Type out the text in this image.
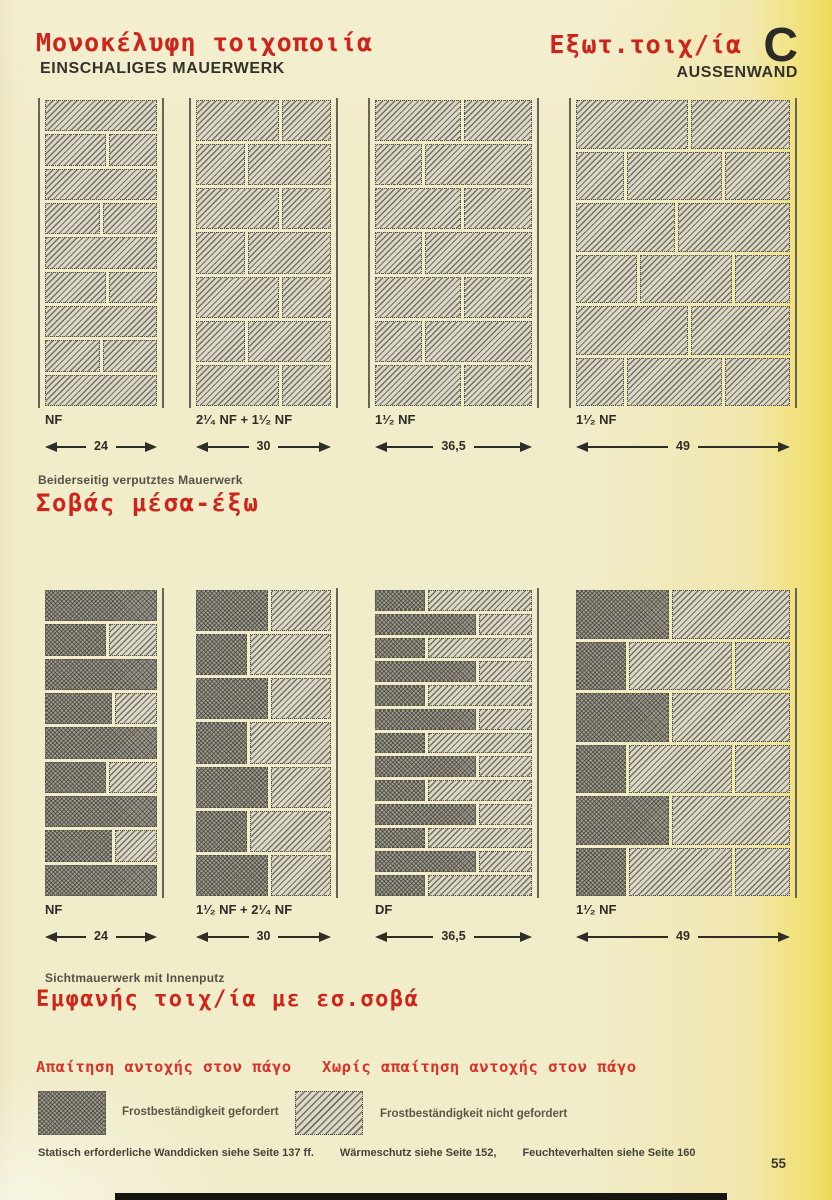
Μονοκέλυφη τοιχοποιία
EINSCHALIGES MAUERWERK
Εξωτ.τοιχ/ία C
AUSSENWAND
NF
24
2¹⁄₄ NF + 1¹⁄₂ NF
30
1¹⁄₂ NF
36,5
1¹⁄₂ NF
49
NF
24
1¹⁄₂ NF + 2¹⁄₄ NF
30
DF
36,5
1¹⁄₂ NF
49
Beiderseitig verputztes Mauerwerk
Σοβάς μέσα-έξω
Sichtmauerwerk mit Innenputz
Εμφανής τοιχ/ία με εσ.σοβά
Απαίτηση αντοχής στον πάγο Χωρίς απαίτηση αντοχής στον πάγο
Frostbeständigkeit gefordert	Frostbeständigkeit nicht gefordert
Statisch erforderliche Wanddicken siehe Seite 137 ff. Wärmeschutz siehe Seite 152, Feuchteverhalten siehe Seite 160
55
